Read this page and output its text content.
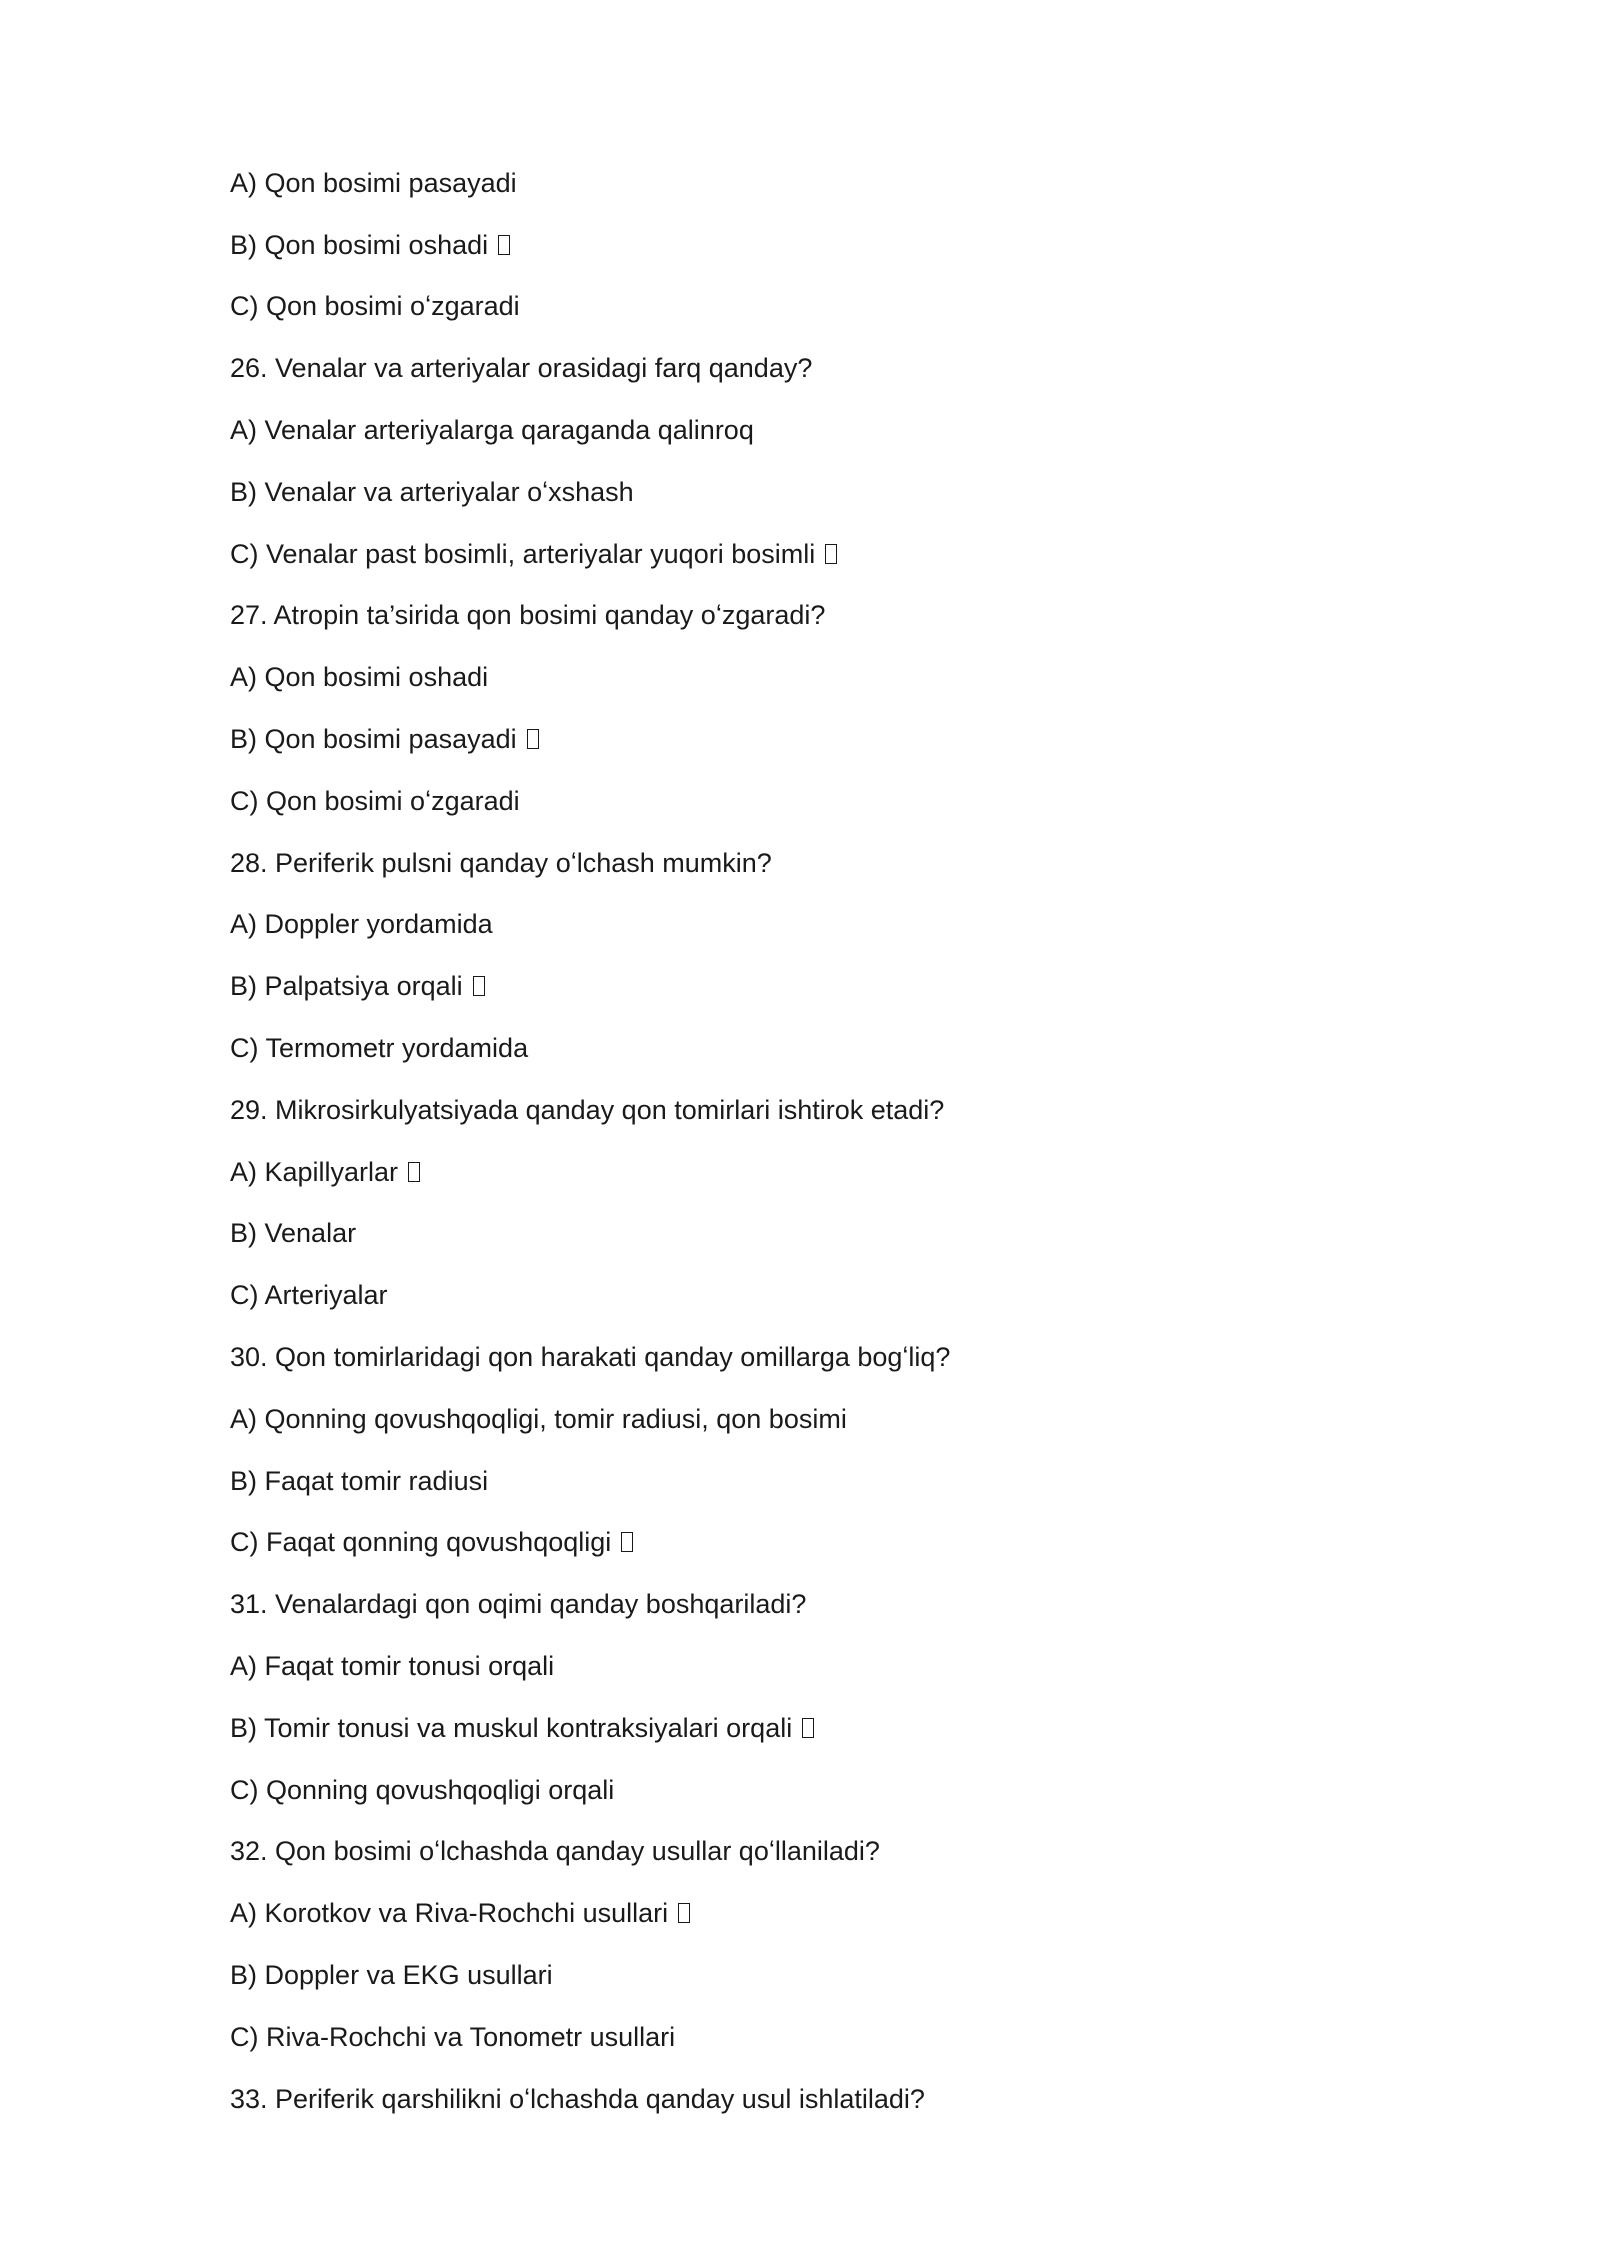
A) Qon bosimi pasayadi
B) Qon bosimi oshadi
C) Qon bosimi oʻzgaradi
26. Venalar va arteriyalar orasidagi farq qanday?
A) Venalar arteriyalarga qaraganda qalinroq
B) Venalar va arteriyalar oʻxshash
C) Venalar past bosimli, arteriyalar yuqori bosimli
27. Atropin ta’sirida qon bosimi qanday oʻzgaradi?
A) Qon bosimi oshadi
B) Qon bosimi pasayadi
C) Qon bosimi oʻzgaradi
28. Periferik pulsni qanday oʻlchash mumkin?
A) Doppler yordamida
B) Palpatsiya orqali
C) Termometr yordamida
29. Mikrosirkulyatsiyada qanday qon tomirlari ishtirok etadi?
A) Kapillyarlar
B) Venalar
C) Arteriyalar
30. Qon tomirlaridagi qon harakati qanday omillarga bogʻliq?
A) Qonning qovushqoqligi, tomir radiusi, qon bosimi
B) Faqat tomir radiusi
C) Faqat qonning qovushqoqligi
31. Venalardagi qon oqimi qanday boshqariladi?
A) Faqat tomir tonusi orqali
B) Tomir tonusi va muskul kontraksiyalari orqali
C) Qonning qovushqoqligi orqali
32. Qon bosimi oʻlchashda qanday usullar qoʻllaniladi?
A) Korotkov va Riva-Rochchi usullari
B) Doppler va EKG usullari
C) Riva-Rochchi va Tonometr usullari
33. Periferik qarshilikni oʻlchashda qanday usul ishlatiladi?
